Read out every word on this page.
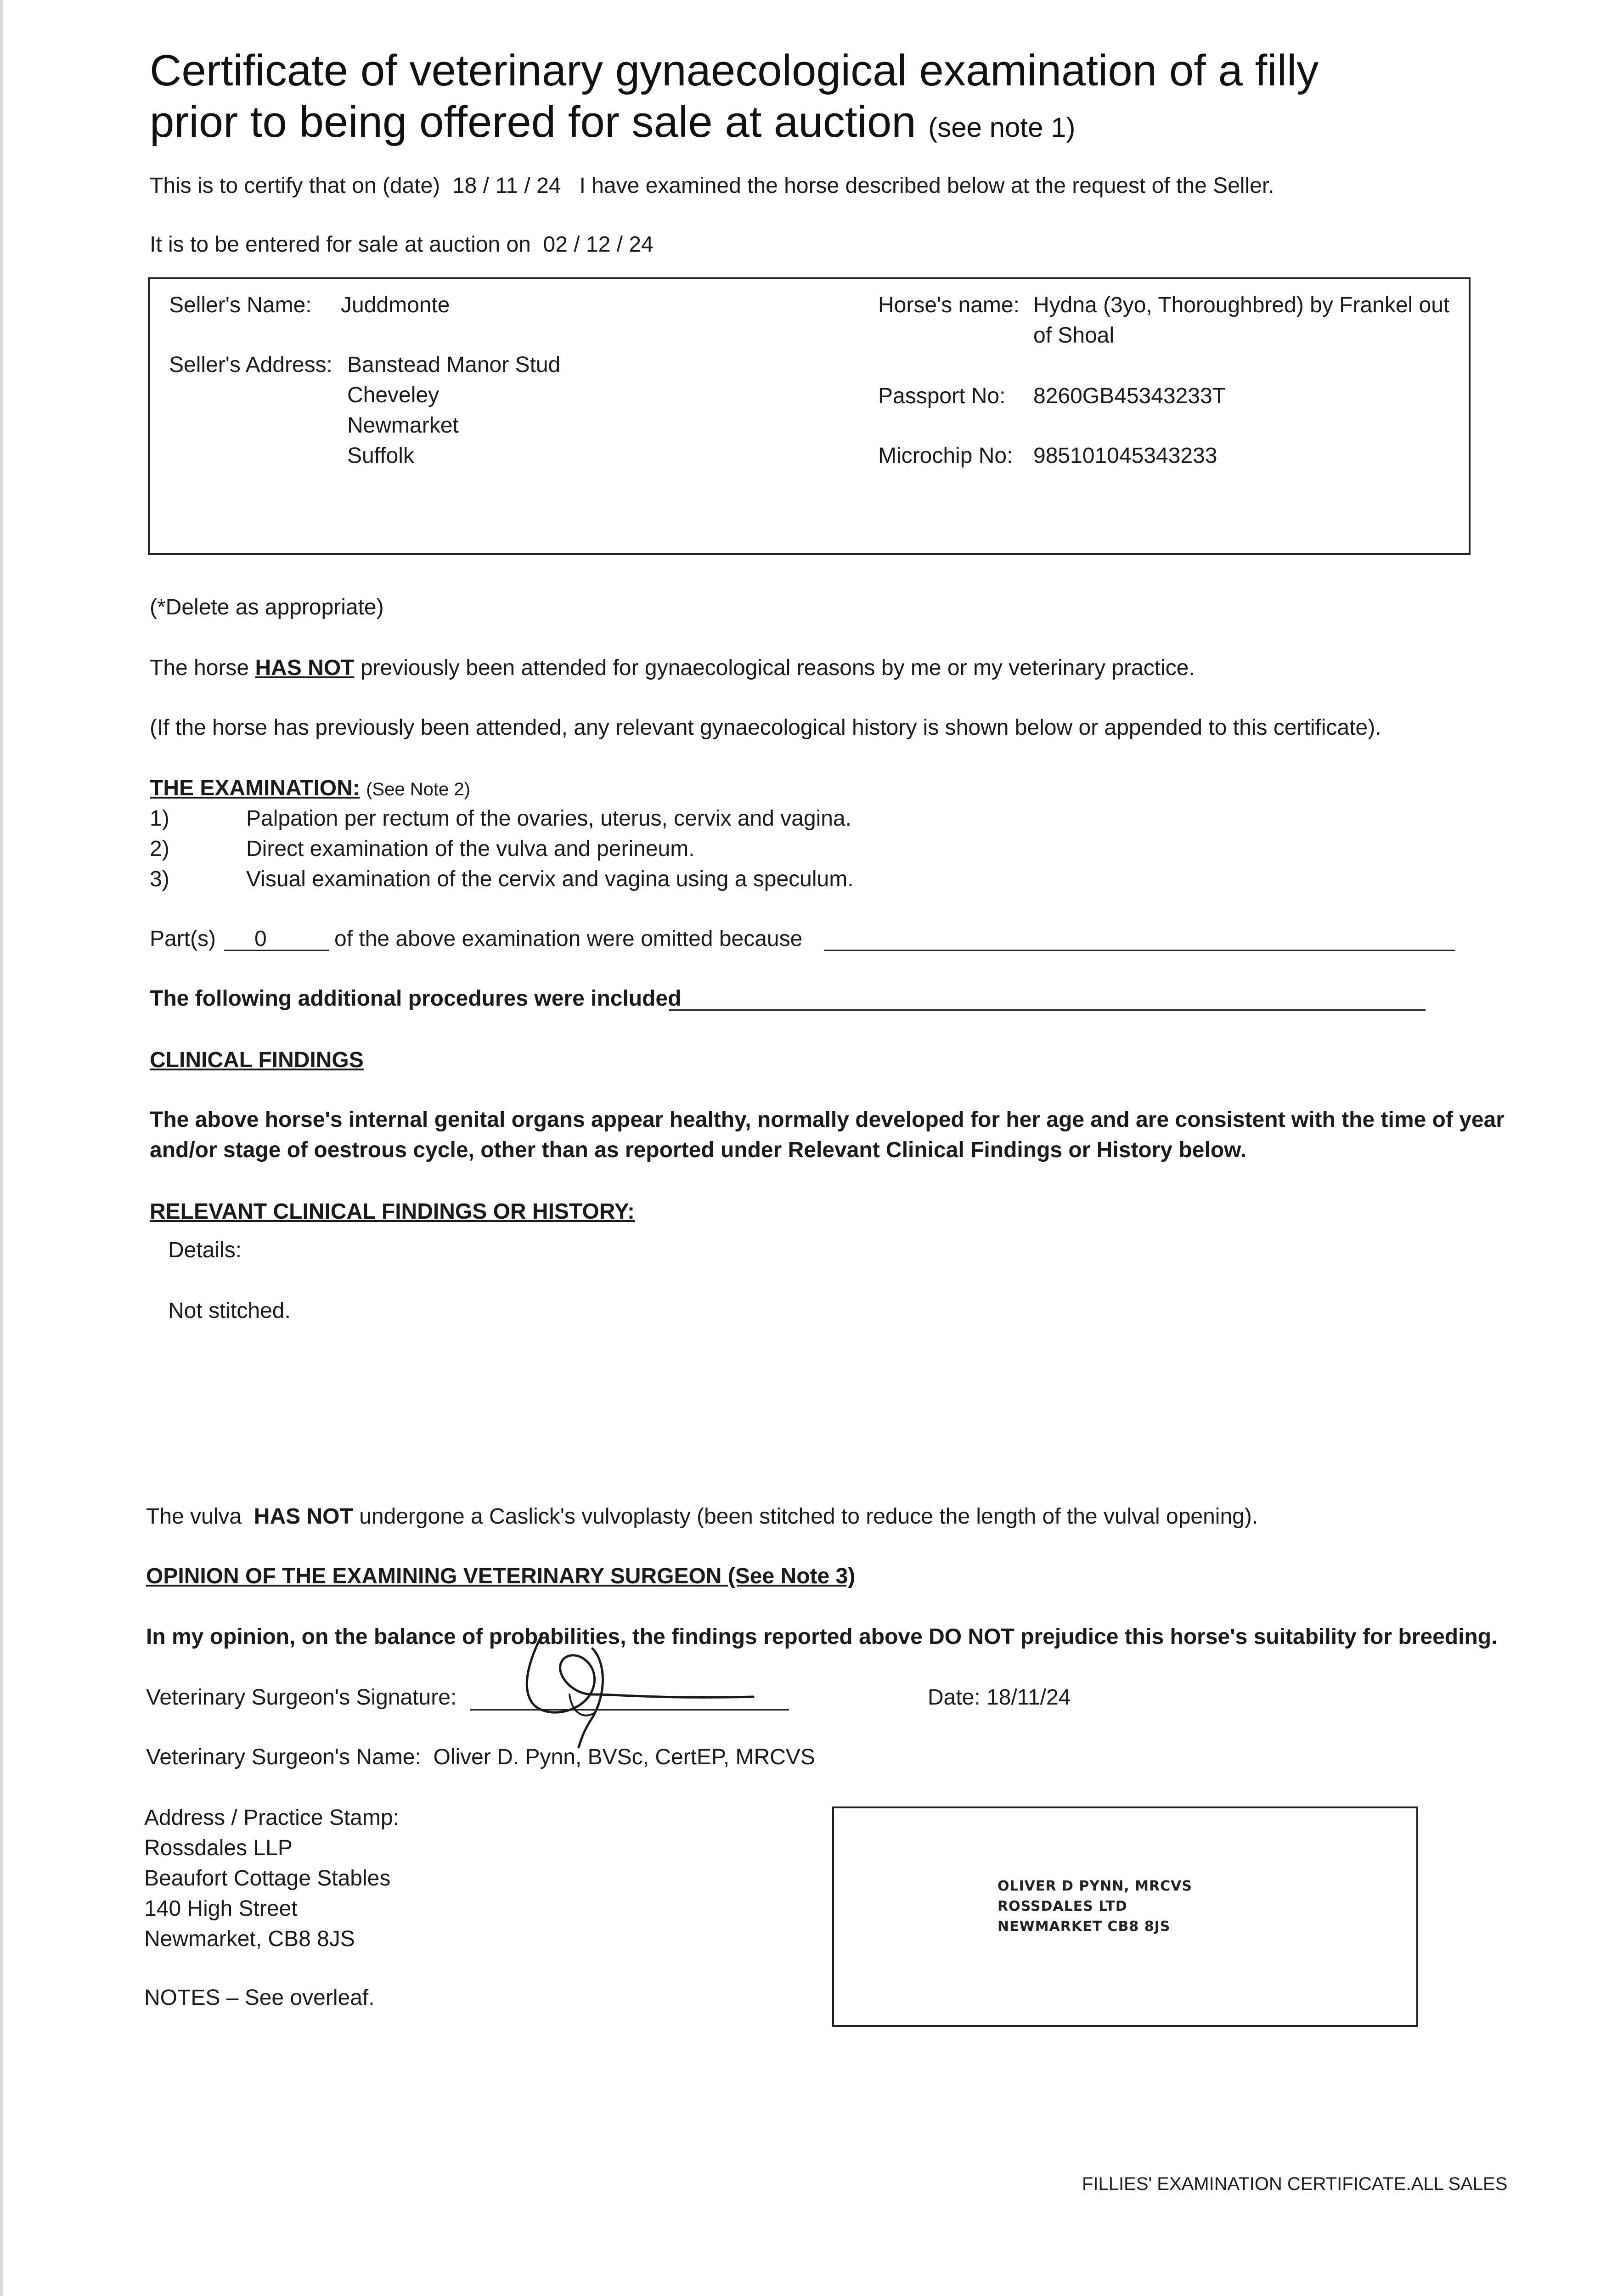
Certificate of veterinary gynaecological examination of a filly
prior to being offered for sale at auction (see note 1)
This is to certify that on (date) 18 / 11 / 24 I have examined the horse described below at the request of the Seller.
It is to be entered for sale at auction on 02 / 12 / 24
Seller's Name: Juddmonte
Seller's Address: Banstead Manor Stud
Cheveley
Newmarket
Suffolk
Horse's name: Hydna (3yo, Thoroughbred) by Frankel out
of Shoal
Passport No: 8260GB45343233T
Microchip No: 985101045343233
(*Delete as appropriate)
The horse HAS NOT previously been attended for gynaecological reasons by me or my veterinary practice.
(If the horse has previously been attended, any relevant gynaecological history is shown below or appended to this certificate).
THE EXAMINATION: (See Note 2)
1)	Palpation per rectum of the ovaries, uterus, cervix and vagina.
2)	Direct examination of the vulva and perineum.
3)	Visual examination of the cervix and vagina using a speculum.
Part(s) 0	of the above examination were omitted because
The following additional procedures were included
CLINICAL FINDINGS
The above horse's internal genital organs appear healthy, normally developed for her age and are consistent with the time of year
and/or stage of oestrous cycle, other than as reported under Relevant Clinical Findings or History below.
RELEVANT CLINICAL FINDINGS OR HISTORY:
Details:
Not stitched.
The vulva HAS NOT undergone a Caslick's vulvoplasty (been stitched to reduce the length of the vulval opening).
OPINION OF THE EXAMINING VETERINARY SURGEON (See Note 3)
In my opinion, on the balance of probabilities, the findings reported above DO NOT prejudice this horse's suitability for breeding.
Veterinary Surgeon's Signature:	Date: 18/11/24
Veterinary Surgeon's Name: Oliver D. Pynn, BVSc, CertEP, MRCVS
Address / Practice Stamp:
Rossdales LLP
Beaufort Cottage Stables
140 High Street
Newmarket, CB8 8JS
OLIVER D PYNN, MRCVS
ROSSDALES LTD
NEWMARKET CB8 8JS
NOTES – See overleaf.
FILLIES' EXAMINATION CERTIFICATE.ALL SALES
